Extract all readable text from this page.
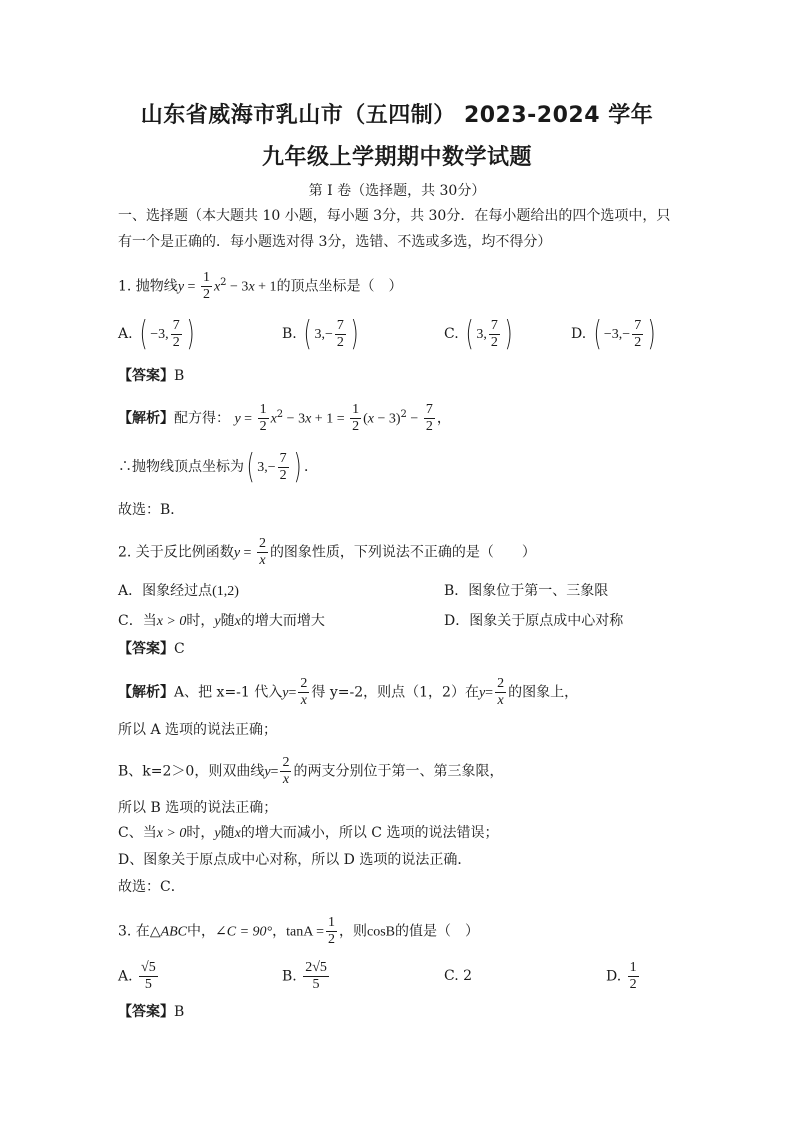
山东省威海市乳山市（五四制） 2023-2024 学年
九年级上学期期中数学试题
第 I 卷（选择题，共 30分）
一、选择题（本大题共 10 小题，每小题 3分，共 30分．在每小题给出的四个选项中，只
有一个是正确的．每小题选对得 3分，选错、不选或多选，均不得分）
1. 抛物线$y = \frac{1}{2} x^2 - 3x + 1$的顶点坐标是（　）
A. ( −3, $\frac{7}{2}$ )	B. ( $3,- \frac{7}{2}$ )	C. ( 3, $\frac{7}{2}$ )	D. ( $-3,- \frac{7}{2}$ )
【答案】B
【解析】配方得： $y = \frac{1}{2} x^2 - 3x + 1 = \frac{1}{2} (x - 3)^2 - \frac{7}{2}$ ，
∴抛物线顶点坐标为( $3,- \frac{7}{2}$ ) ．
故选：B．
2. 关于反比例函数$y = \frac{2}{x}$ 的图象性质，下列说法不正确的是（　　）
A．图象经过点(1,2)	B．图象位于第一、三象限
C．当x > 0时，y随x的增大而增大	D．图象关于原点成中心对称
【答案】C
【解析】A、把 x=-1 代入$y= \frac{2}{x}$ 得 y=-2，则点（1，2）在$y= \frac{2}{x}$ 的图象上，
所以 A 选项的说法正确；
B、k=2＞0，则双曲线$y= \frac{2}{x}$ 的两支分别位于第一、第三象限，
所以 B 选项的说法正确；
C、当x > 0时，y随x的增大而减小，所以 C 选项的说法错误；
D、图象关于原点成中心对称，所以 D 选项的说法正确．
故选：C．
3. 在△ABC中，∠C = 90°，$\tan A = \frac{1}{2}$ ，则cosB的值是（　）
A. $\frac{√5}{5}$	B. $\frac{2√5}{5}$	C. 2	D. $\frac{1}{2}$
【答案】B
